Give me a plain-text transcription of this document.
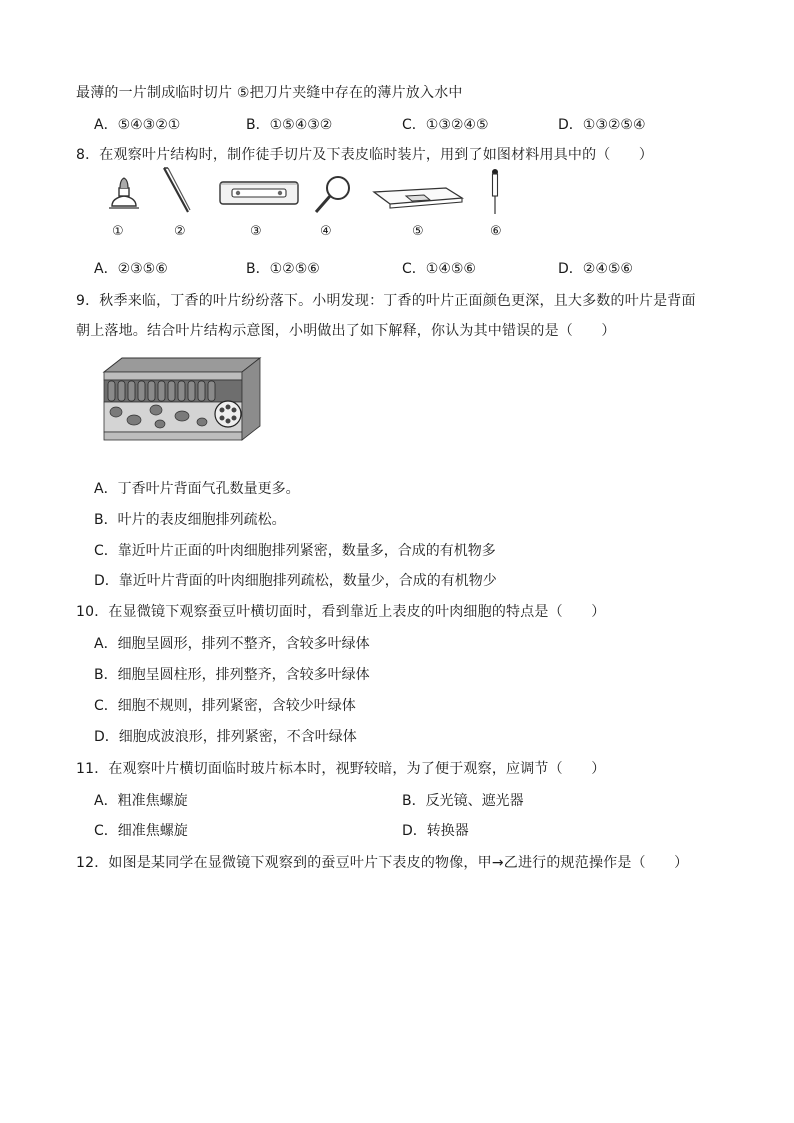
最薄的一片制成临时切片 ⑤把刀片夹缝中存在的薄片放入水中
A．⑤④③②①	B．①⑤④③②	C．①③②④⑤	D．①③②⑤④
8．在观察叶片结构时，制作徒手切片及下表皮临时装片，用到了如图材料用具中的（　　）
①	②	③	④	⑤	⑥
A．②③⑤⑥	B．①②⑤⑥	C．①④⑤⑥	D．②④⑤⑥
9．秋季来临，丁香的叶片纷纷落下。小明发现：丁香的叶片正面颜色更深，且大多数的叶片是背面
朝上落地。结合叶片结构示意图，小明做出了如下解释，你认为其中错误的是（　　）
A．丁香叶片背面气孔数量更多。
B．叶片的表皮细胞排列疏松。
C．靠近叶片正面的叶肉细胞排列紧密，数量多，合成的有机物多
D．靠近叶片背面的叶肉细胞排列疏松，数量少，合成的有机物少
10．在显微镜下观察蚕豆叶横切面时，看到靠近上表皮的叶肉细胞的特点是（　　）
A．细胞呈圆形，排列不整齐，含较多叶绿体
B．细胞呈圆柱形，排列整齐，含较多叶绿体
C．细胞不规则，排列紧密，含较少叶绿体
D．细胞成波浪形，排列紧密，不含叶绿体
11．在观察叶片横切面临时玻片标本时，视野较暗，为了便于观察，应调节（　　）
A．粗准焦螺旋	B．反光镜、遮光器
C．细准焦螺旋	D．转换器
12．如图是某同学在显微镜下观察到的蚕豆叶片下表皮的物像，甲→乙进行的规范操作是（　　）
